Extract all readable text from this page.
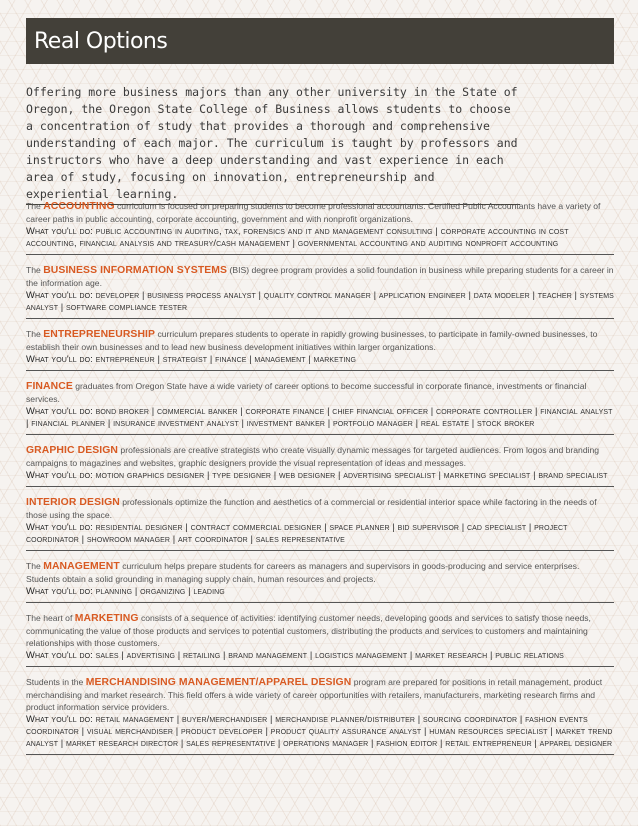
Real Options

Offering more business majors than any other university in the State of Oregon, the Oregon State College of Business allows students to choose a concentration of study that provides a thorough and comprehensive understanding of each major. The curriculum is taught by professors and instructors who have a deep understanding and vast experience in each area of study, focusing on innovation, entrepreneurship and experiential learning.

The ACCOUNTING curriculum is focused on preparing students to become professional accountants. Certified Public Accountants have a variety of career paths in public accounting, corporate accounting, government and with nonprofit organizations.
What you'll do: public accounting in auditing, tax, forensics and it and management consulting | corporate accounting in cost accounting, financial analysis and treasury/cash management | governmental accounting and auditing nonprofit accounting
The BUSINESS INFORMATION SYSTEMS (BIS) degree program provides a solid foundation in business while preparing students for a career in the information age.
What you'll do: developer | business process analyst | quality control manager | application engineer | data modeler | teacher | systems analyst | software compliance tester
The ENTREPRENEURSHIP curriculum prepares students to operate in rapidly growing businesses, to participate in family-owned businesses, to establish their own businesses and to lead new business development initiatives within larger organizations.
What you'll do: entrepreneur | strategist | finance | management | marketing
FINANCE graduates from Oregon State have a wide variety of career options to become successful in corporate finance, investments or financial services.
What you'll do: bond broker | commercial banker | corporate finance | chief financial officer | corporate controller | financial analyst | financial planner | insurance investment analyst | investment banker | portfolio manager | real estate | stock broker
GRAPHIC DESIGN professionals are creative strategists who create visually dynamic messages for targeted audiences. From logos and branding campaigns to magazines and websites, graphic designers provide the visual representation of ideas and messages.
What you'll do: motion graphics designer | type designer | web designer | advertising specialist | marketing specialist | brand specialist
INTERIOR DESIGN professionals optimize the function and aesthetics of a commercial or residential interior space while factoring in the needs of those using the space.
What you'll do: residential designer | contract commercial designer | space planner | bid supervisor | cad specialist | project coordinator | showroom manager | art coordinator | sales representative
The MANAGEMENT curriculum helps prepare students for careers as managers and supervisors in goods-producing and service enterprises. Students obtain a solid grounding in managing supply chain, human resources and projects.
What you'll do: planning | organizing | leading
The heart of MARKETING consists of a sequence of activities: identifying customer needs, developing goods and services to satisfy those needs, communicating the value of those products and services to potential customers, distributing the products and services to customers and maintaining relationships with those customers.
What you'll do: sales | advertising | retailing | brand management | logistics management | market research | public relations
Students in the MERCHANDISING MANAGEMENT/APPAREL DESIGN program are prepared for positions in retail management, product merchandising and market research. This field offers a wide variety of career opportunities with retailers, manufacturers, marketing research firms and product information service providers.
What you'll do: retail management | buyer/merchandiser | merchandise planner/distributer | sourcing coordinator | fashion events coordinator | visual merchandiser | product developer | product quality assurance analyst | human resources specialist | market trend analyst | market research director | sales representative | operations manager | fashion editor | retail entrepreneur | apparel designer
